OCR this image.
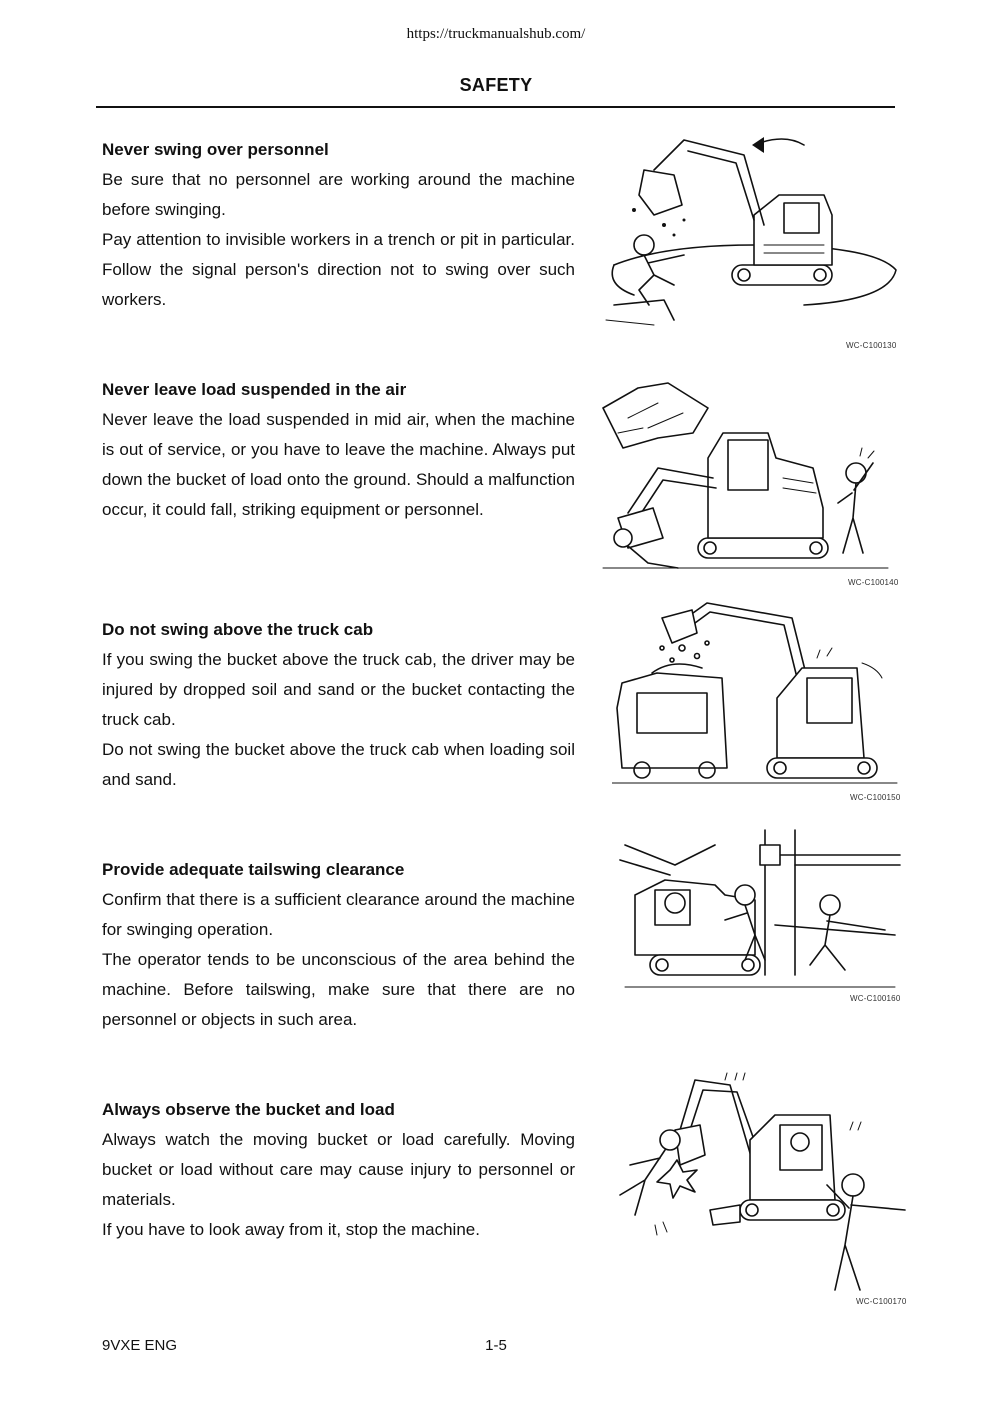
https://truckmanualshub.com/
SAFETY
Never swing over personnel

Be sure that no personnel are working around the machine before swinging.

Pay attention to invisible workers in a trench or pit in particular. Follow the signal person's direction not to swing over such workers.

WC-C100130
Never leave load suspended in the air

Never leave the load suspended in mid air, when the machine is out of service, or you have to leave the machine. Always put down the bucket of load onto the ground. Should a malfunction occur, it could fall, striking equipment or personnel.

WC-C100140
Do not swing above the truck cab

If you swing the bucket above the truck cab, the driver may be injured by dropped soil and sand or the bucket contacting the truck cab.

Do not swing the bucket above the truck cab when loading soil and sand.

WC-C100150
Provide adequate tailswing clearance

Confirm that there is a sufficient clearance around the machine for swinging operation.

The operator tends to be unconscious of the area behind the machine. Before tailswing, make sure that there are no personnel or objects in such area.

WC-C100160
Always observe the bucket and load

Always watch the moving bucket or load carefully. Moving bucket or load without care may cause injury to personnel or materials.

If you have to look away from it, stop the machine.

WC-C100170
9VXE ENG	1-5
